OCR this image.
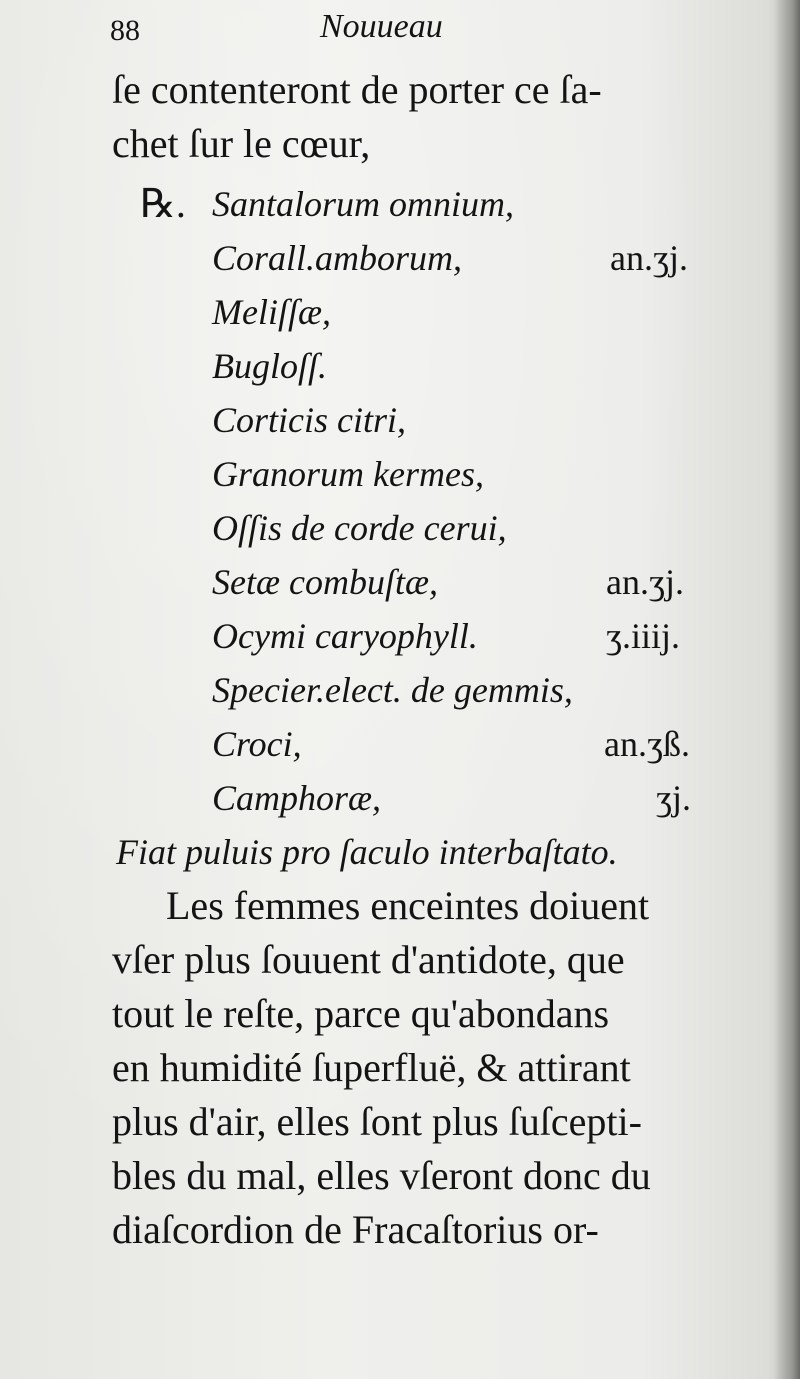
88	Nouueau
ſe contenteront de porter ce ſa-
chet ſur le cœur,
℞. Santalorum omnium,
Corall.amborum,	an.ʒj.
Meliſſæ,
Bugloſſ.
Corticis citri,
Granorum kermes,
Oſſis de corde cerui,
Setæ combuſtæ,	an.ʒj.
Ocymi caryophyll.	ʒ.iiij.
Specier.elect. de gemmis,
Croci,	an.ʒß.
Camphoræ,	ʒj.
Fiat puluis pro ſaculo interbaſtato.
Les femmes enceintes doiuent
vſer plus ſouuent d'antidote, que
tout le reſte, parce qu'abondans
en humidité ſuperfluë, & attirant
plus d'air, elles ſont plus ſuſcepti-
bles du mal, elles vſeront donc du
diaſcordion de Fracaſtorius or-
